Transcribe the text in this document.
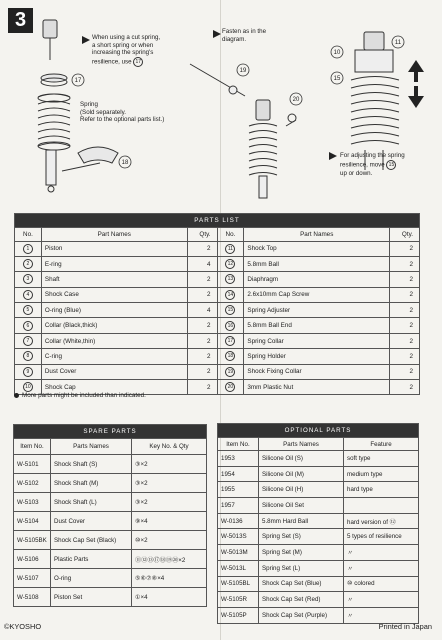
17
18
19
20
10
11
15
3
When using a cut spring,
a short spring or when
increasing the spring's
resilience, use 17
Fasten as in the
diagram.
Spring
(Sold separately.
Refer to the optional parts list.)
For adjusting the spring
resilience, move 15
up or down.
PARTS LIST					
No.	Part Names	Qty.	No.	Part Names	Qty.
1	Piston	2	11	Shock Top	2
2	E-ring	4	12	5.8mm Ball	2
3	Shaft	2	13	Diaphragm	2
4	Shock Case	2	14	2.6x10mm Cap Screw	2
5	O-ring (Blue)	4	15	Spring Adjuster	2
6	Collar (Black,thick)	2	16	5.8mm Ball End	2
7	Collar (White,thin)	2	17	Spring Collar	2
8	C-ring	2	18	Spring Holder	2
9	Dust Cover	2	19	Shock Fixing Collar	2
10	Shock Cap	2	20	3mm Plastic Nut	2
More parts might be included than indicated.
SPARE PARTS		
Item No.	Parts Names	Key No. & Qty
W-5101	Shock Shaft (S)	③×2
W-5102	Shock Shaft (M)	③×2
W-5103	Shock Shaft (L)	③×2
W-5104	Dust Cover	⑨×4
W-5105BK	Shock Cap Set (Black)	⑩×2
W-5106	Plastic Parts	⑪⑫⑬⑰⑱⑲⑳×2
W-5107	O-ring	⑤⑥⑦⑧×4
W-5108	Piston Set	①×4
OPTIONAL PARTS		
Item No.	Parts Names	Feature
1953	Silicone Oil (S)	soft type
1954	Silicone Oil (M)	medium type
1955	Silicone Oil (H)	hard type
1957	Silicone Oil Set	
W-0136	5.8mm Hard Ball	hard version of ⑫
W-5013S	Spring Set (S)	5 types of resilience
W-5013M	Spring Set (M)	〃
W-5013L	Spring Set (L)	〃
W-5105BL	Shock Cap Set (Blue)	⑩ colored
W-5105R	Shock Cap Set (Red)	〃
W-5105P	Shock Cap Set (Purple)	〃
©KYOSHO	Printed in Japan
